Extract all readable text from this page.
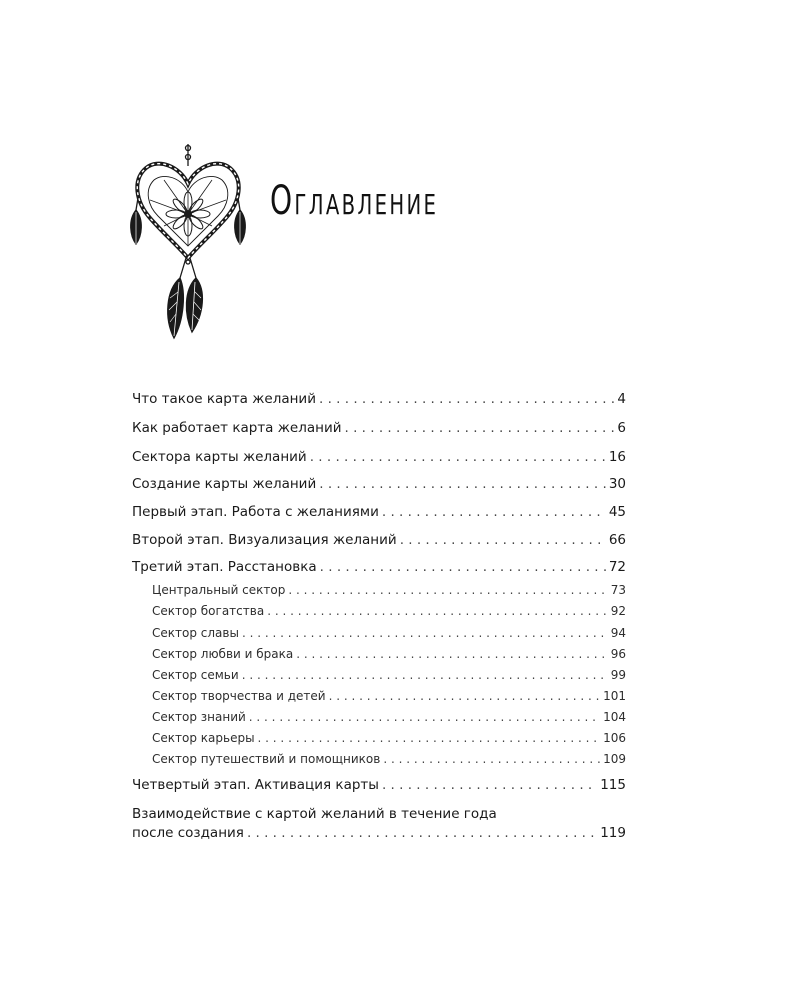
Оглавление
Что такое карта желаний . . .	4
Как работает карта желаний . . .	6
Сектора карты желаний . . .	16
Создание карты желаний . . .	30
Первый этап. Работа с желаниями . . .	45
Второй этап. Визуализация желаний . . .	66
Третий этап. Расстановка . . .	72
Центральный сектор . . .	73
Сектор богатства . . .	92
Сектор славы . . .	94
Сектор любви и брака . . .	96
Сектор семьи . . .	99
Сектор творчества и детей . . .	101
Сектор знаний . . .	104
Сектор карьеры . . .	106
Сектор путешествий и помощников . . .	109
Четвертый этап. Активация карты . . .	115
Взаимодействие с картой желаний в течение года
после создания . . .	119
